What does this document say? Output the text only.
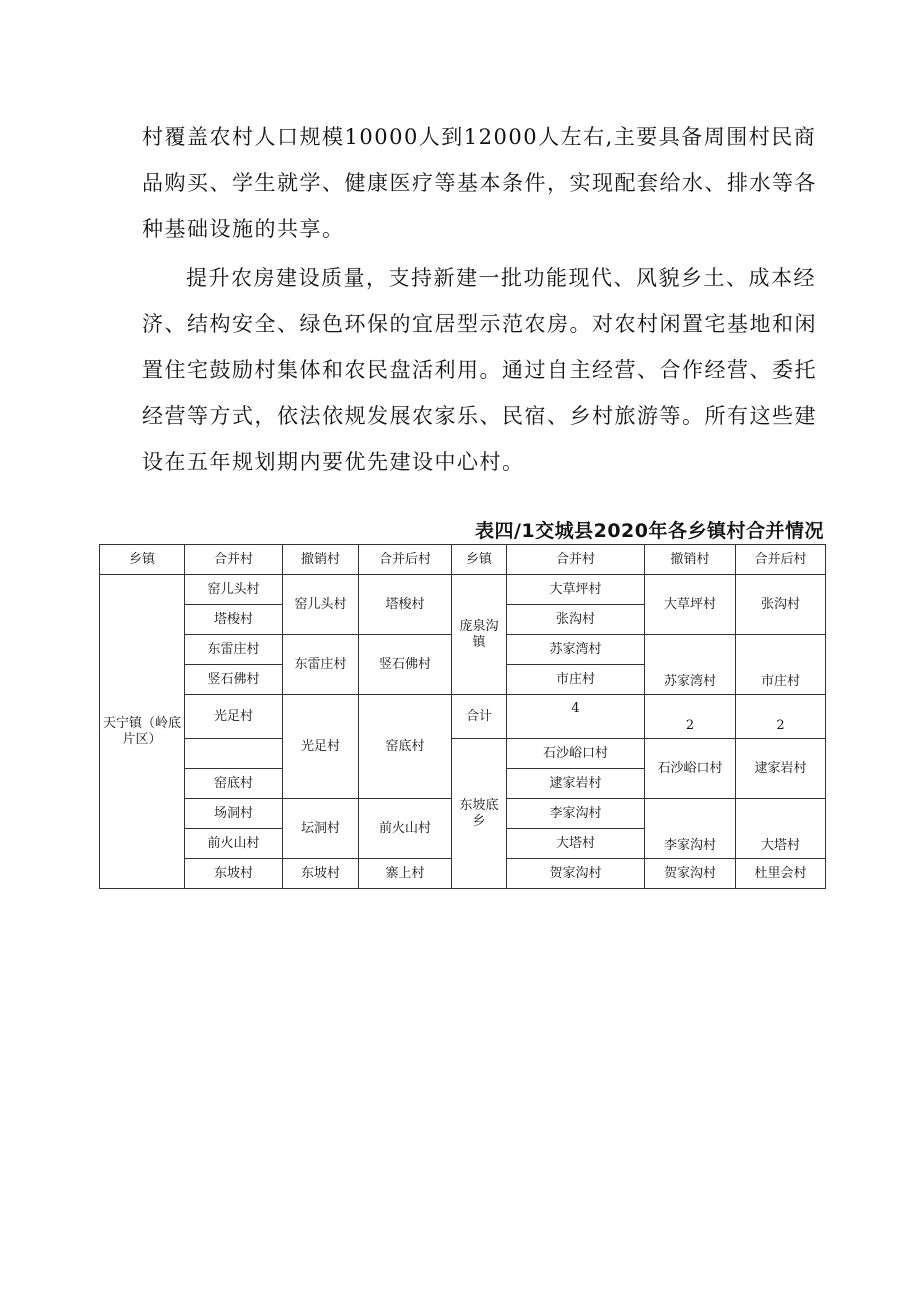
村覆盖农村人口规模10000人到12000人左右,主要具备周围村民商品购买、学生就学、健康医疗等基本条件，实现配套给水、排水等各种基础设施的共享。

提升农房建设质量，支持新建一批功能现代、风貌乡土、成本经济、结构安全、绿色环保的宜居型示范农房。对农村闲置宅基地和闲置住宅鼓励村集体和农民盘活利用。通过自主经营、合作经营、委托经营等方式，依法依规发展农家乐、民宿、乡村旅游等。所有这些建设在五年规划期内要优先建设中心村。

表四/1交城县2020年各乡镇村合并情况
乡镇	合并村	撤销村	合并后村	乡镇	合并村	撤销村	合并后村
天宁镇（岭底片区）	窑儿头村	窑儿头村	塔梭村	庞泉沟镇	大草坪村	大草坪村	张沟村
	塔梭村				张沟村		
	东雷庄村	东雷庄村	竖石佛村		苏家湾村	苏家湾村	市庄村
	竖石佛村				市庄村		
	光足村	光足村	窑底村	合计	4	2	2
				东坡底乡	石沙峪口村	石沙峪口村	逮家岩村
	窑底村				逮家岩村		
	场洞村	坛洞村	前火山村		李家沟村	李家沟村	大塔村
	前火山村				大塔村		
	东坡村	东坡村	寨上村		贺家沟村	贺家沟村	杜里会村
